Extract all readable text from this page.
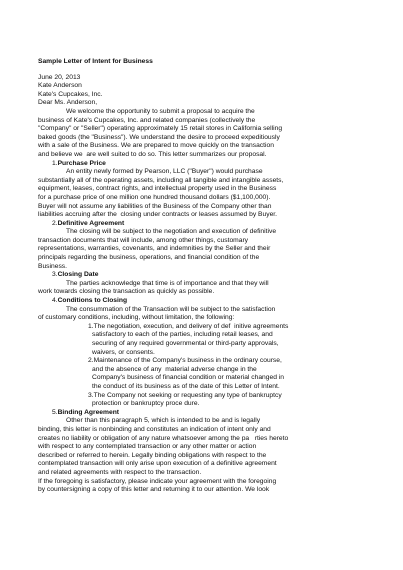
Sample Letter of Intent for Business
June 20, 2013
Kate Anderson
Kate's Cupcakes, Inc.
Dear Ms. Anderson,
We welcome the opportunity to submit a proposal to acquire the
business of Kate's Cupcakes, Inc. and related companies (collectively the
"Company" or "Seller") operating approximately 15 retail stores in California selling
baked goods (the "Business"). We understand the desire to proceed expeditiously
with a sale of the Business. We are prepared to move quickly on the transaction
and believe we  are well suited to do so. This letter summarizes our proposal.
1.Purchase Price
An entity newly formed by Pearson, LLC ("Buyer") would purchase
substantially all of the operating assets, including all tangible and intangible assets,
equipment, leases, contract rights, and intellectual property used in the Business
for a purchase price of one million one hundred thousand dollars ($1,100,000).
Buyer will not assume any liabilities of the Business of the Company other than
liabilities accruing after the  closing under contracts or leases assumed by Buyer.
2.Definitive Agreement
The closing will be subject to the negotiation and execution of definitive
transaction documents that will include, among other things, customary
representations, warranties, covenants, and indemnities by the Seller and their
principals regarding the business, operations, and financial condition of the
Business.
3.Closing Date
The parties acknowledge that time is of importance and that they will
work towards closing the transaction as quickly as possible.
4.Conditions to Closing
The consummation of the Transaction will be subject to the satisfaction
of customary conditions, including, without limitation, the following:
1.The negotiation, execution, and delivery of def  initive agreements
satisfactory to each of the parties, including retail leases, and
securing of any required governmental or third-party approvals,
waivers, or consents.
2.Maintenance of the Company's business in the ordinary course,
and the absence of any  material adverse change in the
Company's business of financial condition or material changed in
the conduct of its business as of the date of this Letter of Intent.
3.The Company not seeking or requesting any type of bankruptcy
protection or bankruptcy proce dure.
5.Binding Agreement
Other than this paragraph 5, which is intended to be and is legally
binding, this letter is nonbinding and constitutes an indication of intent only and
creates no liability or obligation of any nature whatsoever among the pa   rties hereto
with respect to any contemplated transaction or any other matter or action
described or referred to herein. Legally binding obligations with respect to the
contemplated transaction will only arise upon execution of a definitive agreement
and related agreements with respect to the transaction.
If the foregoing is satisfactory, please indicate your agreement with the foregoing
by countersigning a copy of this letter and returning it to our attention. We look
